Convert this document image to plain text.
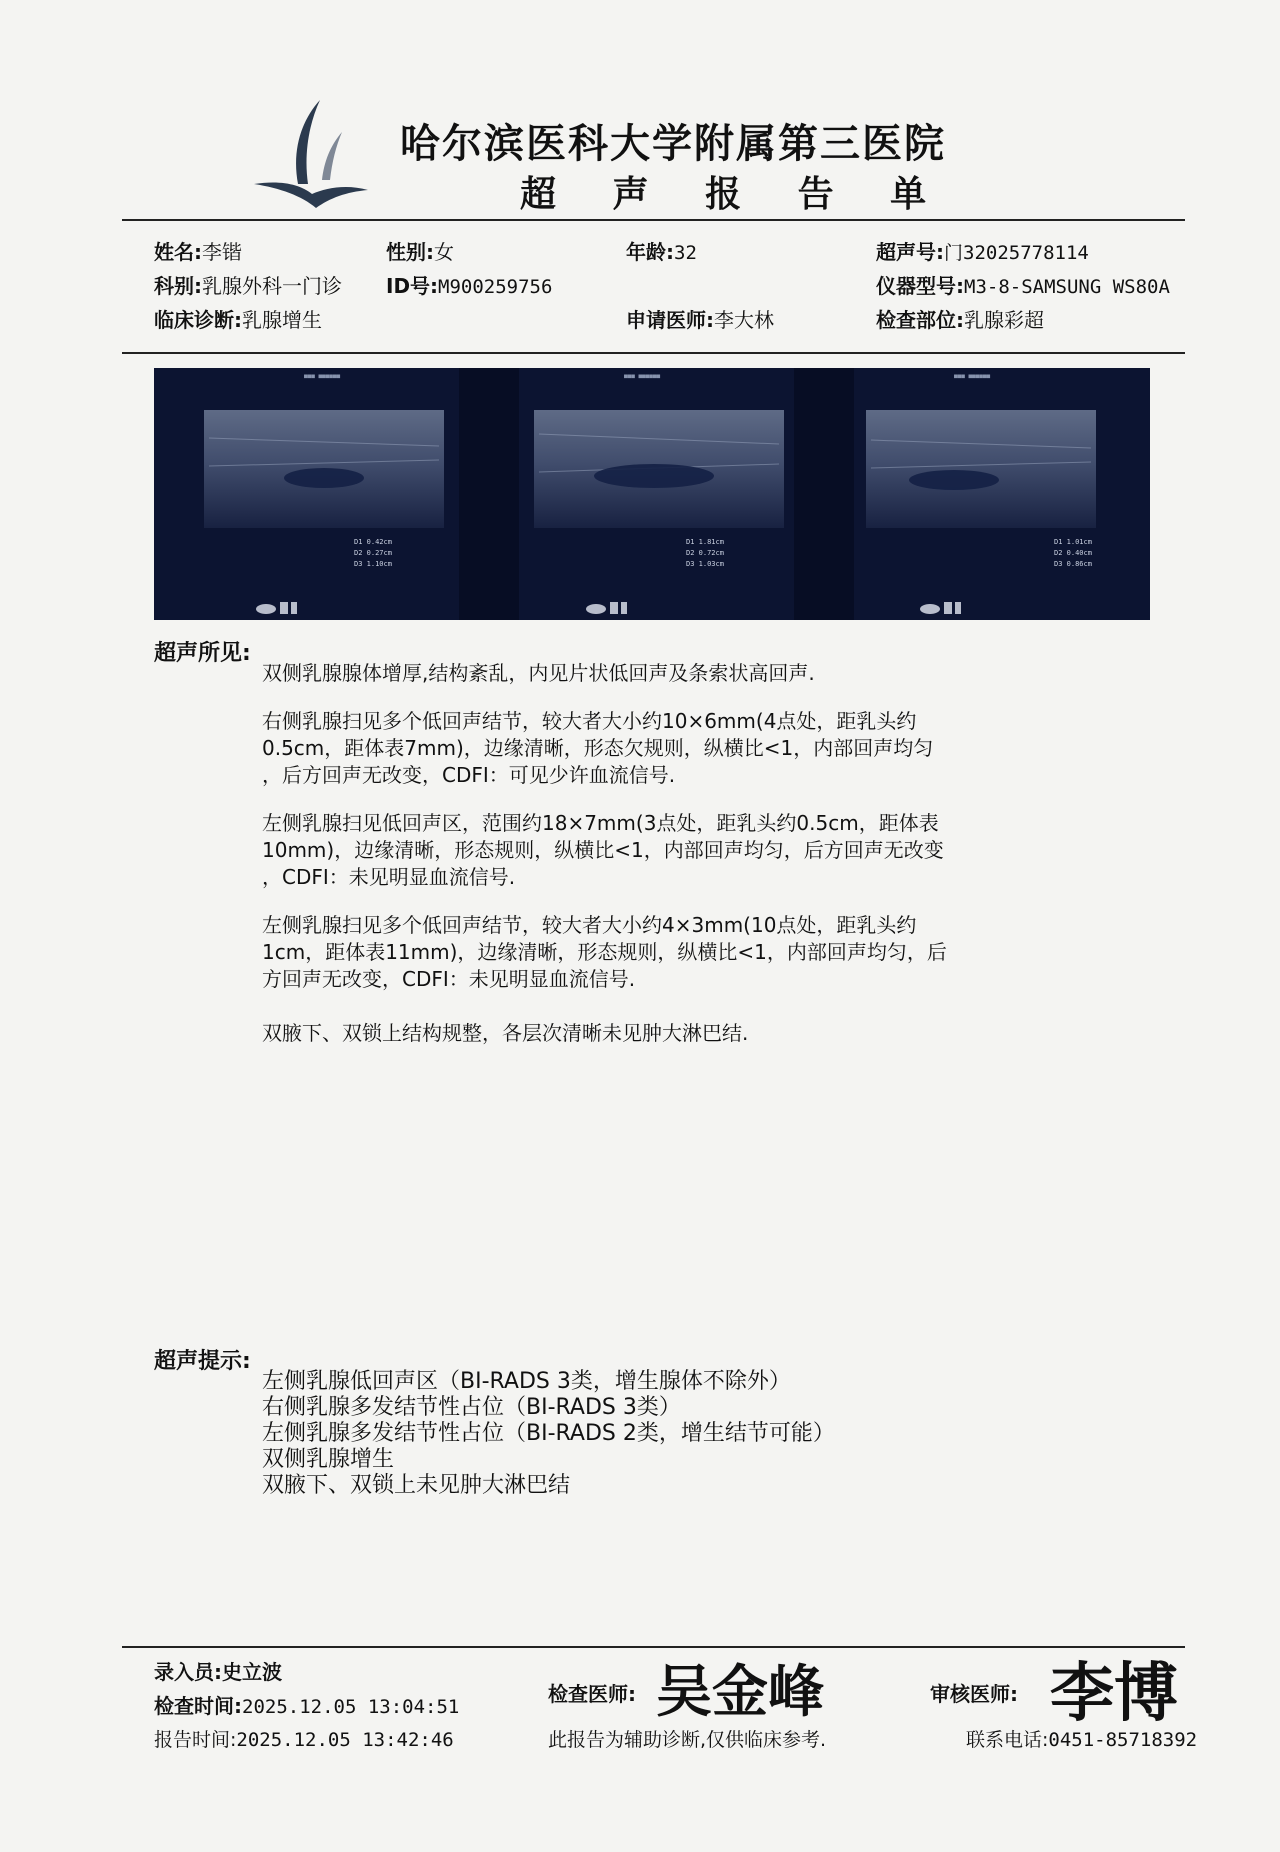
哈尔滨医科大学附属第三医院
超 声 报 告 单
姓名:李锴	性别:女	年龄:32	超声号:门32025778114
科别:乳腺外科一门诊 ID号:M900259756	仪器型号:M3-8-SAMSUNG WS80A
临床诊断:乳腺增生	申请医师:李大林	检查部位:乳腺彩超
■■■ ■■■■■■	■■■ ■■■■■■	■■■ ■■■■■■
D1 0.42cm
D2 0.27cm
D3 1.10cm
D1 1.81cm
D2 0.72cm
D3 1.03cm
D1 1.01cm
D2 0.40cm
D3 0.86cm
超声所见:
双侧乳腺腺体增厚,结构紊乱，内见片状低回声及条索状高回声.
右侧乳腺扫见多个低回声结节，较大者大小约10×6mm(4点处，距乳头约
0.5cm，距体表7mm)，边缘清晰，形态欠规则，纵横比<1，内部回声均匀
，后方回声无改变，CDFI：可见少许血流信号.
左侧乳腺扫见低回声区，范围约18×7mm(3点处，距乳头约0.5cm，距体表
10mm)，边缘清晰，形态规则，纵横比<1，内部回声均匀，后方回声无改变
，CDFI：未见明显血流信号.
左侧乳腺扫见多个低回声结节，较大者大小约4×3mm(10点处，距乳头约
1cm，距体表11mm)，边缘清晰，形态规则，纵横比<1，内部回声均匀，后
方回声无改变，CDFI：未见明显血流信号.
双腋下、双锁上结构规整，各层次清晰未见肿大淋巴结.
超声提示:
左侧乳腺低回声区（BI-RADS 3类，增生腺体不除外）
右侧乳腺多发结节性占位（BI-RADS 3类）
左侧乳腺多发结节性占位（BI-RADS 2类，增生结节可能）
双侧乳腺增生
双腋下、双锁上未见肿大淋巴结
录入员:史立波
检查时间:2025.12.05 13:04:51
报告时间:2025.12.05 13:42:46
检查医师: 吴金峰
此报告为辅助诊断,仅供临床参考.
审核医师: 李博
联系电话:0451-85718392
